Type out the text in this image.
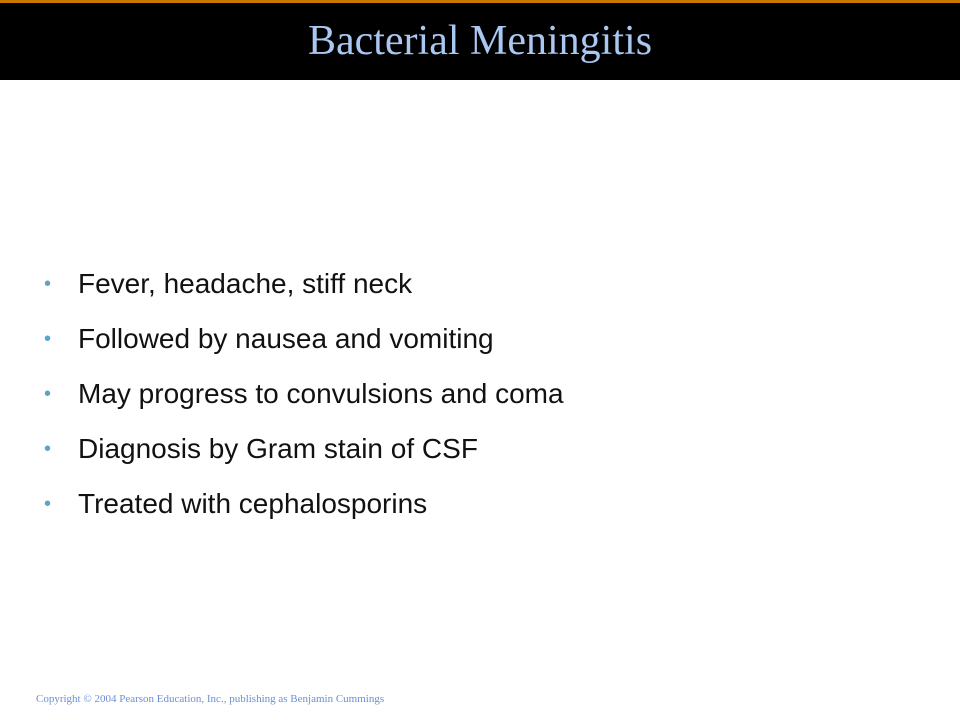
Bacterial Meningitis
• Fever, headache, stiff neck
• Followed by nausea and vomiting
• May progress to convulsions and coma
• Diagnosis by Gram stain of CSF
• Treated with cephalosporins
Copyright © 2004 Pearson Education, Inc., publishing as Benjamin Cummings
